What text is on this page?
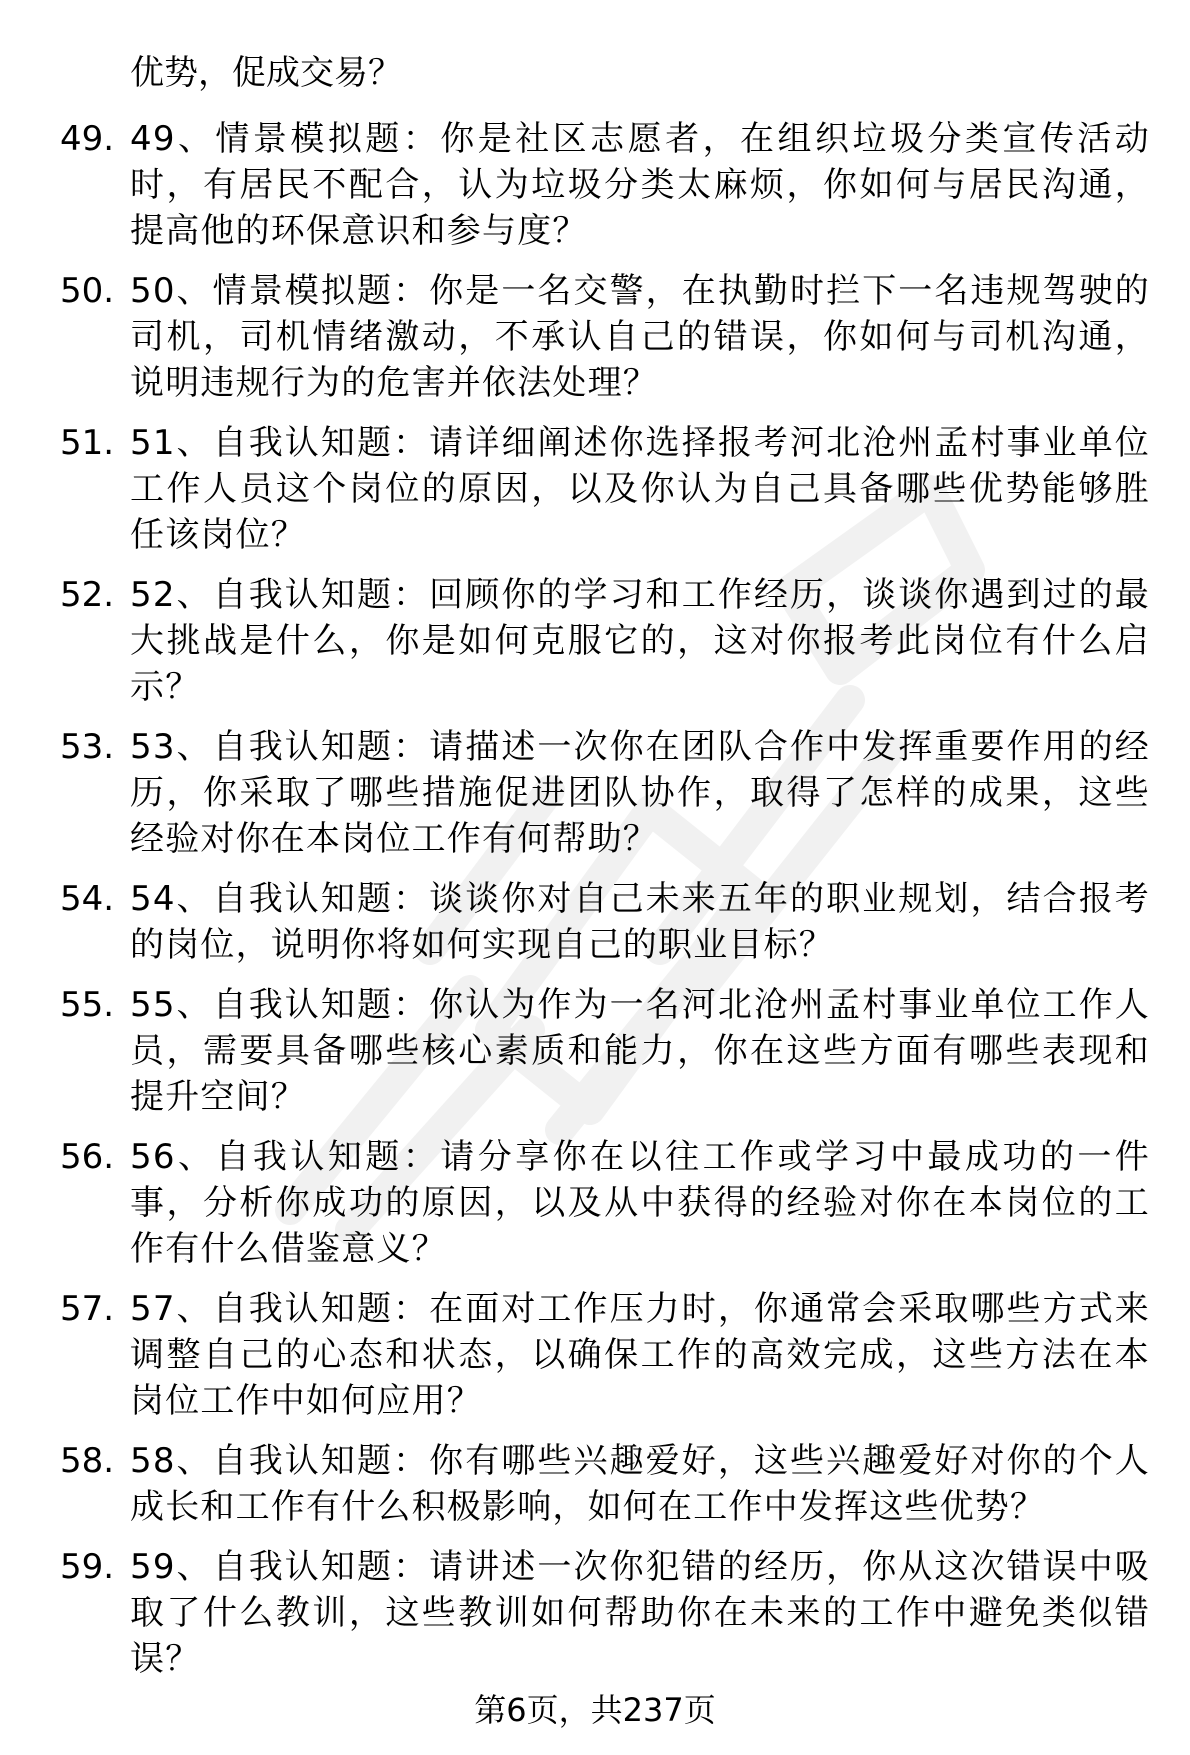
优势，促成交易？
49. 49、情景模拟题：你是社区志愿者，在组织垃圾分类宣传活动时，有居民不配合，认为垃圾分类太麻烦，你如何与居民沟通，提高他的环保意识和参与度？
50. 50、情景模拟题：你是一名交警，在执勤时拦下一名违规驾驶的司机，司机情绪激动，不承认自己的错误，你如何与司机沟通，说明违规行为的危害并依法处理？
51. 51、自我认知题：请详细阐述你选择报考河北沧州孟村事业单位工作人员这个岗位的原因，以及你认为自己具备哪些优势能够胜任该岗位？
52. 52、自我认知题：回顾你的学习和工作经历，谈谈你遇到过的最大挑战是什么，你是如何克服它的，这对你报考此岗位有什么启示？
53. 53、自我认知题：请描述一次你在团队合作中发挥重要作用的经历，你采取了哪些措施促进团队协作，取得了怎样的成果，这些经验对你在本岗位工作有何帮助？
54. 54、自我认知题：谈谈你对自己未来五年的职业规划，结合报考的岗位，说明你将如何实现自己的职业目标？
55. 55、自我认知题：你认为作为一名河北沧州孟村事业单位工作人员，需要具备哪些核心素质和能力，你在这些方面有哪些表现和提升空间？
56. 56、自我认知题：请分享你在以往工作或学习中最成功的一件事，分析你成功的原因，以及从中获得的经验对你在本岗位的工作有什么借鉴意义？
57. 57、自我认知题：在面对工作压力时，你通常会采取哪些方式来调整自己的心态和状态，以确保工作的高效完成，这些方法在本岗位工作中如何应用？
58. 58、自我认知题：你有哪些兴趣爱好，这些兴趣爱好对你的个人成长和工作有什么积极影响，如何在工作中发挥这些优势？
59. 59、自我认知题：请讲述一次你犯错的经历，你从这次错误中吸取了什么教训，这些教训如何帮助你在未来的工作中避免类似错误？
第6页，共237页
